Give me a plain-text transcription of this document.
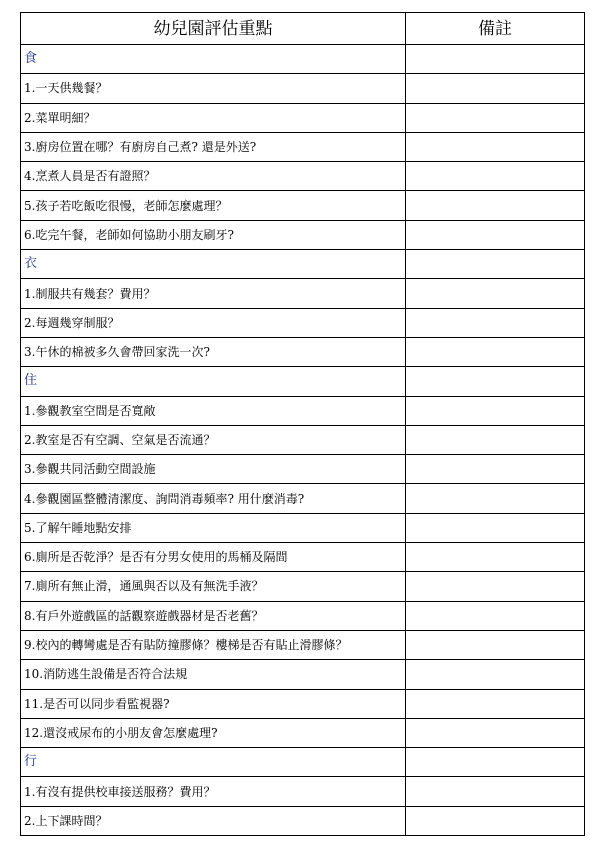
幼兒園評估重點	備註
食	
1.一天供幾餐？	
2.菜單明細？	
3.廚房位置在哪？有廚房自己煮? 還是外送?	
4.烹煮人員是否有證照？	
5.孩子若吃飯吃很慢，老師怎麼處理？	
6.吃完午餐，老師如何協助小朋友刷牙?	
衣	
1.制服共有幾套？費用？	
2.每週幾穿制服？	
3.午休的棉被多久會帶回家洗一次?	
住	
1.參觀教室空間是否寬敞	
2.教室是否有空調、空氣是否流通？	
3.參觀共同活動空間設施	
4.參觀園區整體清潔度、詢問消毒頻率? 用什麼消毒?	
5.了解午睡地點安排	
6.廁所是否乾淨？是否有分男女使用的馬桶及隔間	
7.廁所有無止滑，通風與否以及有無洗手液？	
8.有戶外遊戲區的話觀察遊戲器材是否老舊？	
9.校內的轉彎處是否有貼防撞膠條？樓梯是否有貼止滑膠條？	
10.消防逃生設備是否符合法規	
11.是否可以同步看監視器?	
12.還沒戒尿布的小朋友會怎麼處理?	
行	
1.有沒有提供校車接送服務？費用？	
2.上下課時間？	
